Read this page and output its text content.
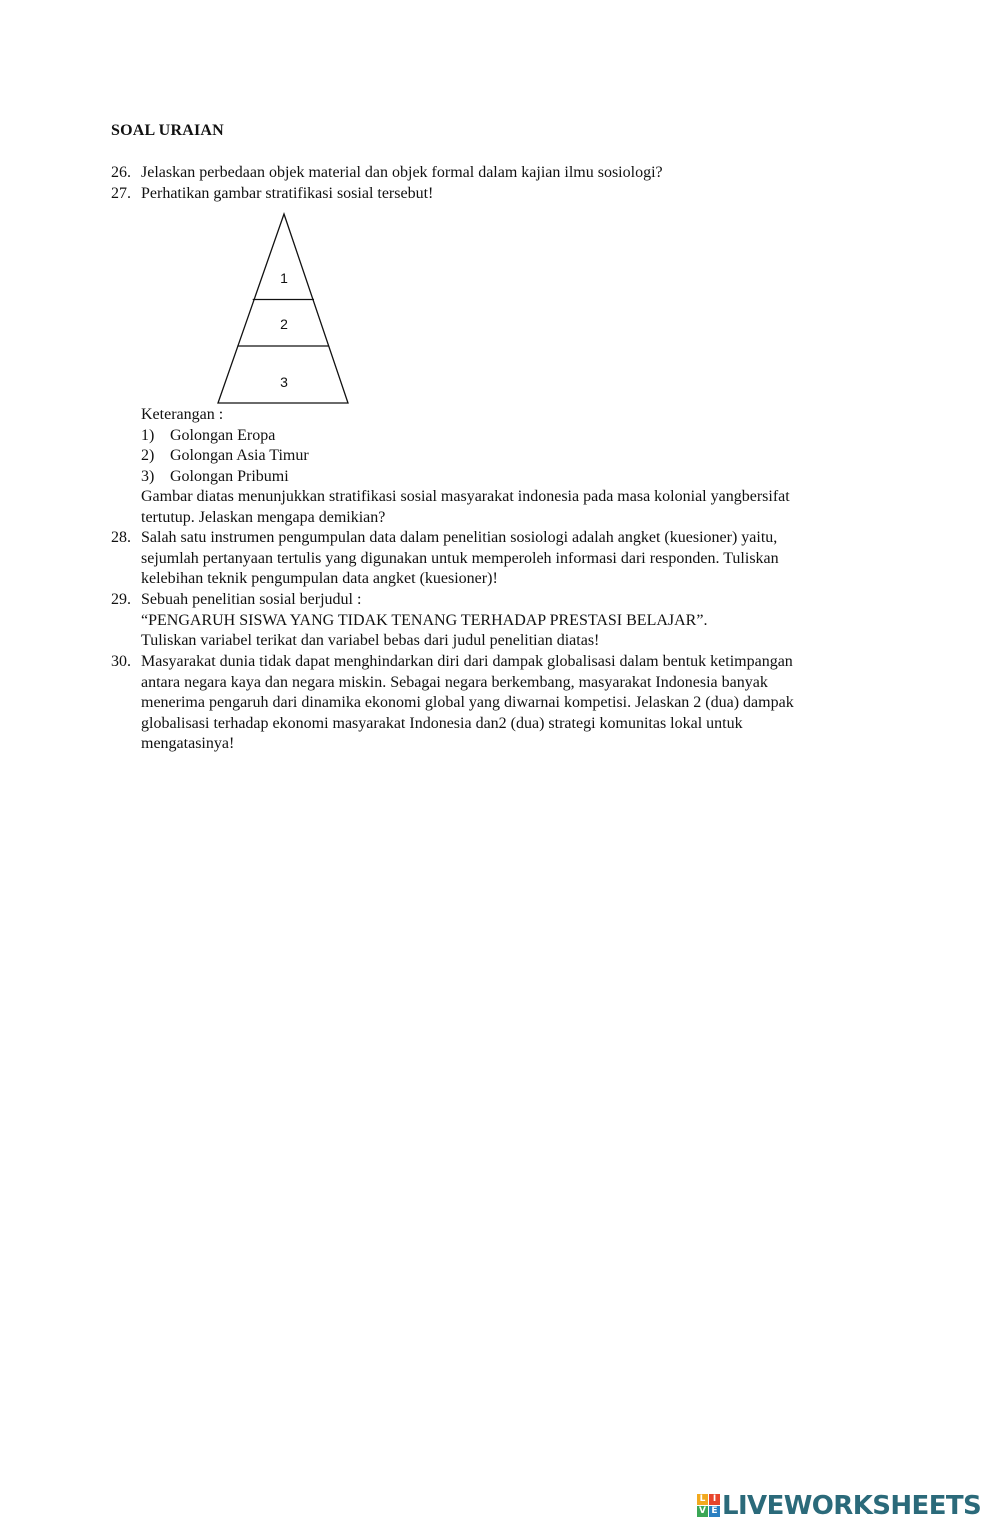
SOAL URAIAN
26. Jelaskan perbedaan objek material dan objek formal dalam kajian ilmu sosiologi?
27. Perhatikan gambar stratifikasi sosial tersebut!
1
2
3
Keterangan :
1) Golongan Eropa
2) Golongan Asia Timur
3) Golongan Pribumi
Gambar diatas menunjukkan stratifikasi sosial masyarakat indonesia pada masa kolonial yangbersifat
tertutup. Jelaskan mengapa demikian?
28. Salah satu instrumen pengumpulan data dalam penelitian sosiologi adalah angket (kuesioner) yaitu,
sejumlah pertanyaan tertulis yang digunakan untuk memperoleh informasi dari responden. Tuliskan
kelebihan teknik pengumpulan data angket (kuesioner)!
29. Sebuah penelitian sosial berjudul :
“PENGARUH SISWA YANG TIDAK TENANG TERHADAP PRESTASI BELAJAR”.
Tuliskan variabel terikat dan variabel bebas dari judul penelitian diatas!
30. Masyarakat dunia tidak dapat menghindarkan diri dari dampak globalisasi dalam bentuk ketimpangan
antara negara kaya dan negara miskin. Sebagai negara berkembang, masyarakat Indonesia banyak
menerima pengaruh dari dinamika ekonomi global yang diwarnai kompetisi. Jelaskan 2 (dua) dampak
globalisasi terhadap ekonomi masyarakat Indonesia dan2 (dua) strategi komunitas lokal untuk
mengatasinya!
L I
V E LIVEWORKSHEETS
